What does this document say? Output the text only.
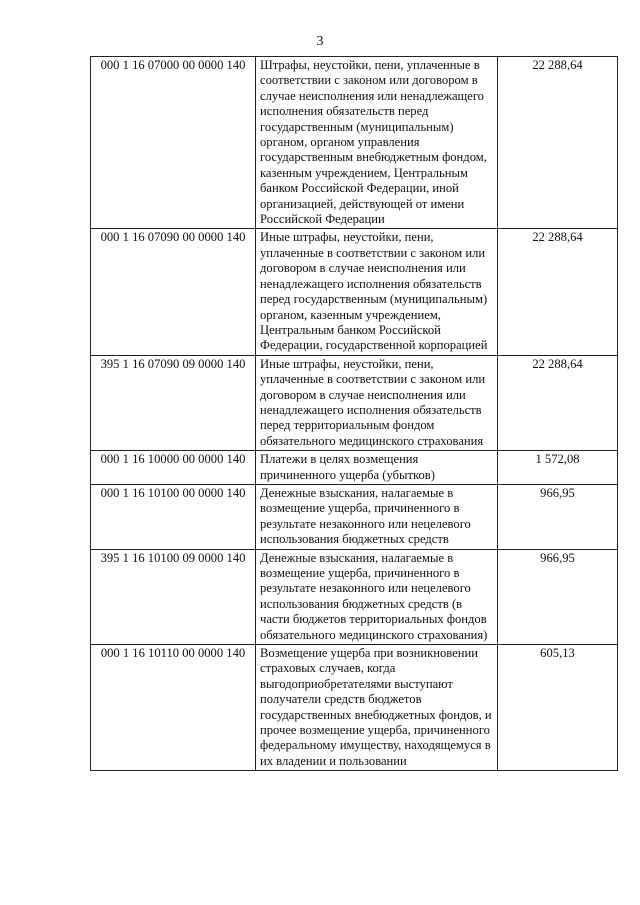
3
000 1 16 07000 00 0000 140	Штрафы, неустойки, пени, уплаченные в соответствии с законом или договором в случае неисполнения или ненадлежащего исполнения обязательств перед государственным (муниципальным) органом, органом управления государственным внебюджетным фондом, казенным учреждением, Центральным банком Российской Федерации, иной организацией, действующей от имени Российской Федерации	22 288,64
000 1 16 07090 00 0000 140	Иные штрафы, неустойки, пени, уплаченные в соответствии с законом или договором в случае неисполнения или ненадлежащего исполнения обязательств перед государственным (муниципальным) органом, казенным учреждением, Центральным банком Российской Федерации, государственной корпорацией	22 288,64
395 1 16 07090 09 0000 140	Иные штрафы, неустойки, пени, уплаченные в соответствии с законом или договором в случае неисполнения или ненадлежащего исполнения обязательств перед территориальным фондом обязательного медицинского страхования	22 288,64
000 1 16 10000 00 0000 140	Платежи в целях возмещения причиненного ущерба (убытков)	1 572,08
000 1 16 10100 00 0000 140	Денежные взыскания, налагаемые в возмещение ущерба, причиненного в результате незаконного или нецелевого использования бюджетных средств	966,95
395 1 16 10100 09 0000 140	Денежные взыскания, налагаемые в возмещение ущерба, причиненного в результате незаконного или нецелевого использования бюджетных средств (в части бюджетов территориальных фондов обязательного медицинского страхования)	966,95
000 1 16 10110 00 0000 140	Возмещение ущерба при возникновении страховых случаев, когда выгодоприобретателями выступают получатели средств бюджетов государственных внебюджетных фондов, и прочее возмещение ущерба, причиненного федеральному имуществу, находящемуся в их владении и пользовании	605,13
